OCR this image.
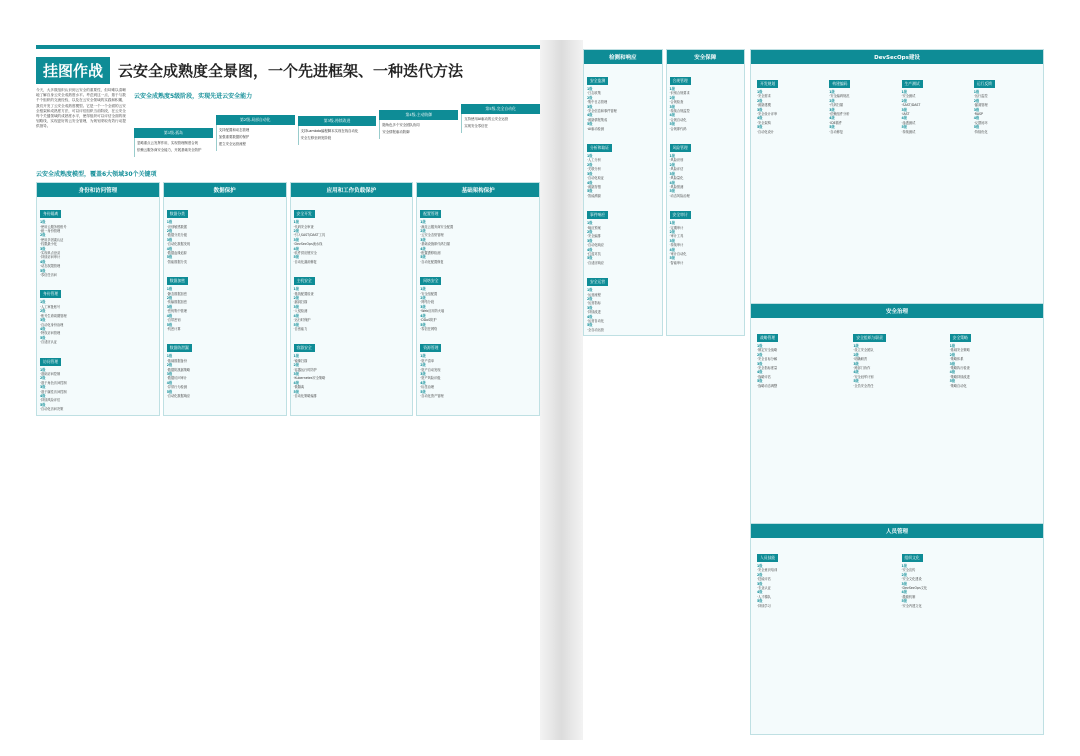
挂图作战	云安全成熟度全景图，一个先进框架、一种迭代方法
今天，大多数组织认识到云安全的重要性，但却难以清晰地了解自身云安全成熟度水平。考虑到这一点，基于与数千个组织的交流经验，以及在云安全领域的实践和积累，我们开发了云安全成熟度模型。它是一个一个全面的云安全框架和成熟度方法，可以评估组织当前阶段，在云安全每个关键领域的成熟度水平，使得组织可以评估全面的规划路线，实现更好的云安全管理，为规划采取有效行动提供指导。
云安全成熟度5级阶段，实现先进云安全能力
第1级-孤岛
忽略重点云发挥作用，实现管理制度合规
依赖云服务商安全能力，开展基础安全防护
第2级-局部自动化
支持配置和动态管理
加强重要数据的保护
建立安全运营流程
第3级-持续改进
支持Lambda编程脚本实现在线自动化
安全左移至研发阶段
第4级-主动防御
随角色多个安全团队协同
安全情报驱动防御
第5级-完全自动化
支持使用AI驱动的云安全运营
实现安全零信任
云安全成熟度模型，覆盖6大领域30个关键项
身份和访问管理
身份隔离
1级
·使用云服务根账号
·统一身份管理
2级
·使用多因素认证
·权限最小化
3级
·实现单点登录
·持续访问审计
4级
·动态权限管理
5级
·零信任访问
身份管理
1级
·人工审批账号
2级
·账号生命周期管理
3级
·自动化身份治理
4级
·特权访问管理
5级
·自适应认证
访问管理
1级
·基础访问控制
2级
·基于角色访问控制
3级
·基于属性访问控制
4级
·持续风险评估
5级
·自动化访问决策
数据保护
数据分类
1级
·识别敏感数据
2级
·数据分类分级
3级
·自动化数据发现
4级
·数据血缘追踪
5级
·智能数据分类
数据加密
1级
·静态数据加密
2级
·传输数据加密
3级
·密钥集中管理
4级
·自带密钥
5级
·机密计算
数据防泄漏
1级
·基础数据备份
2级
·数据防泄漏策略
3级
·数据访问审计
4级
·异常行为检测
5级
·自动化数据响应
应用和工作负载保护
安全开发
1级
·代码安全审查
2级
·引入SAST/DAST工具
3级
·DevSecOps流水线
4级
·软件供应链安全
5级
·自动化漏洞修复
主机安全
1级
·基线配置检查
2级
·漏洞扫描
3级
·入侵检测
4级
·运行时保护
5级
·自愈能力
容器安全
1级
·镜像扫描
2级
·容器运行时防护
3级
·Kubernetes安全策略
4级
·微隔离
5级
·自动化策略编排
基础架构保护
配置管理
1级
·满足云服务商安全配置
2级
·云安全态势管理
3级
·基础设施即代码扫描
4级
·配置漂移检测
5级
·自动化配置修复
网络安全
1级
·安全组配置
2级
·网络分段
3级
·Web应用防火墙
4级
·DDoS防护
5级
·零信任网络
资源管理
1级
·资产清单
2级
·资产自动发现
3级
·资产风险评级
4级
·标签治理
5级
·自动化资产管理
检测和响应
安全监测
1级
·日志收集
2级
·集中日志管理
3级
·安全信息和事件管理
4级
·威胁情报集成
5级
·AI驱动检测
分析和取证
1级
·人工分析
2级
·关联分析
3级
·自动化取证
4级
·威胁狩猎
5级
·智能溯源
事件响应
1级
·响应预案
2级
·安全编排
3级
·自动化响应
4级
·红蓝对抗
5级
·自适应响应
安全运营
1级
·运营流程
2级
·运营指标
3级
·持续改进
4级
·运营自动化
5级
·全自动运营
安全保障
合规管理
1级
·识别合规要求
2级
·合规检查
3级
·持续合规监控
4级
·合规自动化
5级
·合规即代码
风险管理
1级
·风险识别
2级
·风险评估
3级
·风险量化
4级
·风险预测
5级
·动态风险治理
安全审计
1级
·定期审计
2级
·审计工具
3级
·持续审计
4级
·审计自动化
5级
·智能审计
DevSecOps建设
开发规划
1级
·安全需求
2级
·威胁建模
3级
·安全设计评审
4级
·安全架构
5级
·自动化设计
构建编码
1级
·安全编码规范
2级
·代码扫描
3级
·依赖组件分析
4级
·IDE插件
5级
·自动修复
生产测试
1级
·安全测试
2级
·SAST/DAST
3级
·IAST
4级
·渗透测试
5级
·持续测试
运行反馈
1级
·运行监控
2级
·漏洞管理
3级
·RASP
4级
·反馈闭环
5级
·持续优化
安全治理
战略管理
1级
·制定安全战略
2级
·安全目标分解
3级
·安全指标度量
4级
·战略评估
5级
·战略动态调整
安全组织与职责
1级
·设立安全团队
2级
·明确职责
3级
·跨部门协作
4级
·安全冠军计划
5级
·全员安全责任
安全策略
1级
·基础安全策略
2级
·策略体系
3级
·策略执行检查
4级
·策略持续改进
5级
·策略自动化
人员管理
人员技能
1级
·安全意识培训
2级
·技能评估
3级
·专业认证
4级
·人才梯队
5级
·持续学习
组织文化
1级
·安全宣传
2级
·安全文化建设
3级
·DevSecOps文化
4级
·激励机制
5级
·安全内建文化
